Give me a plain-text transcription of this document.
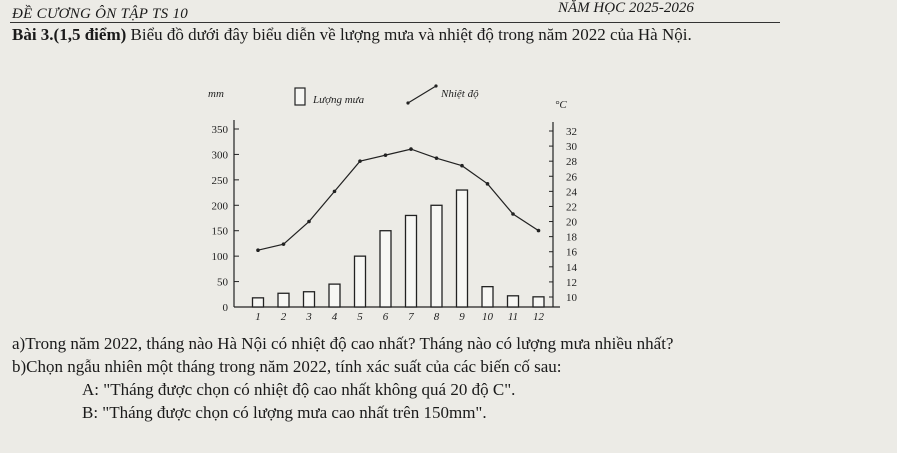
ĐỀ CƯƠNG ÔN TẬP TS 10	NĂM HỌC 2025-2026
Bài 3.(1,5 điểm) Biểu đồ dưới đây biểu diễn về lượng mưa và nhiệt độ trong năm 2022 của Hà Nội.
mm
°C
0
50
100
150
200
250
300
350
10
12
14
16
18
20
22
24
26
28
30
32
1 2 3 4 5 6 7 8 9 10 11 12
Lượng mưa	Nhiệt độ
a)Trong năm 2022, tháng nào Hà Nội có nhiệt độ cao nhất? Tháng nào có lượng mưa nhiều nhất?
b)Chọn ngẫu nhiên một tháng trong năm 2022, tính xác suất của các biến cố sau:
A: "Tháng được chọn có nhiệt độ cao nhất không quá 20 độ C".
B: "Tháng được chọn có lượng mưa cao nhất trên 150mm".
